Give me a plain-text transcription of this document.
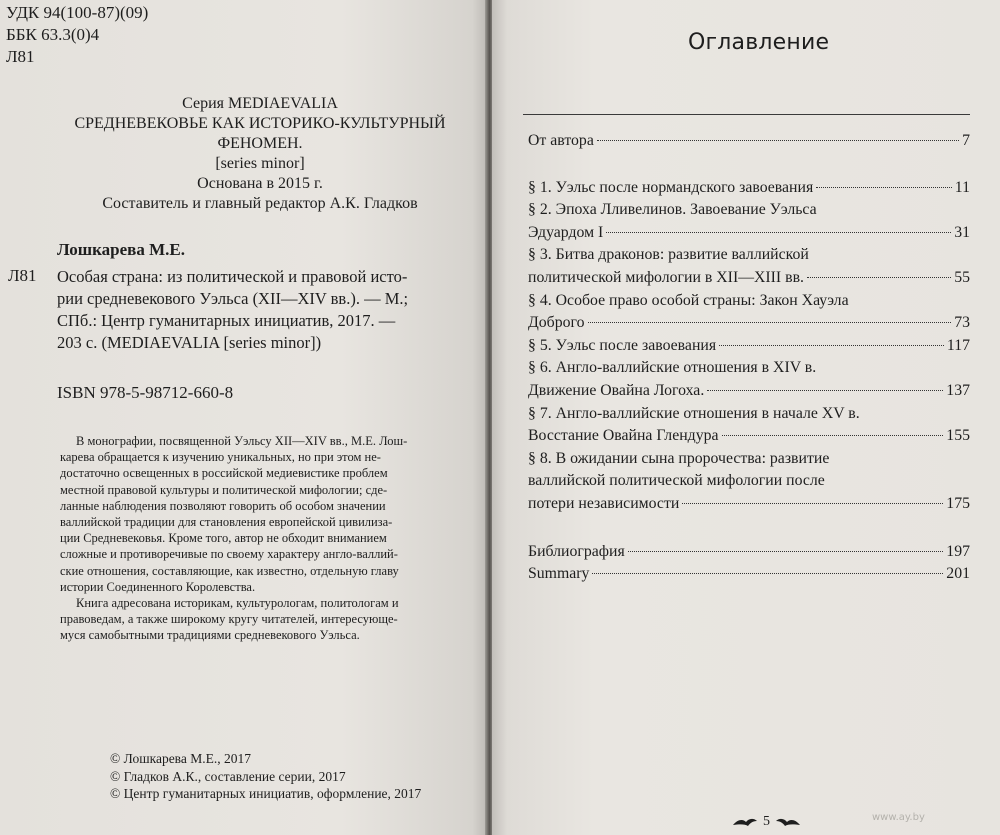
УДК 94(100-87)(09)
ББК 63.3(0)4
Л81
Серия MEDIAEVALIA
СРЕДНЕВЕКОВЬЕ КАК ИСТОРИКО-КУЛЬТУРНЫЙ
ФЕНОМЕН.
[series minor]
Основана в 2015 г.
Составитель и главный редактор А.К. Гладков
Лошкарева М.Е.
Л81 Особая страна: из политической и правовой исто-
рии средневекового Уэльса (XII—XIV вв.). — М.;
СПб.: Центр гуманитарных инициатив, 2017. —
203 с. (MEDIAEVALIA [series minor])
ISBN 978-5-98712-660-8
В монографии, посвященной Уэльсу XII—XIV вв., М.Е. Лош-
карева обращается к изучению уникальных, но при этом не-
достаточно освещенных в российской медиевистике проблем
местной правовой культуры и политической мифологии; сде-
ланные наблюдения позволяют говорить об особом значении
валлийской традиции для становления европейской цивилиза-
ции Средневековья. Кроме того, автор не обходит вниманием
сложные и противоречивые по своему характеру англо-валлий-
ские отношения, составляющие, как известно, отдельную главу
истории Соединенного Королевства.
Книга адресована историкам, культурологам, политологам и
правоведам, а также широкому кругу читателей, интересующе-
муся самобытными традициями средневекового Уэльса.
© Лошкарева М.Е., 2017
© Гладков А.К., составление серии, 2017
© Центр гуманитарных инициатив, оформление, 2017
Оглавление
От автора	7
§ 1. Уэльс после нормандского завоевания	11
§ 2. Эпоха Лливелинов. Завоевание Уэльса
Эдуардом I	31
§ 3. Битва драконов: развитие валлийской
политической мифологии в XII—XIII вв.	55
§ 4. Особое право особой страны: Закон Хауэла
Доброго	73
§ 5. Уэльс после завоевания	117
§ 6. Англо-валлийские отношения в XIV в.
Движение Овайна Логоха.	137
§ 7. Англо-валлийские отношения в начале XV в.
Восстание Овайна Глендура	155
§ 8. В ожидании сына пророчества: развитие
валлийской политической мифологии после
потери независимости	175
Библиография	197
Summary	201
5	www.ay.by
